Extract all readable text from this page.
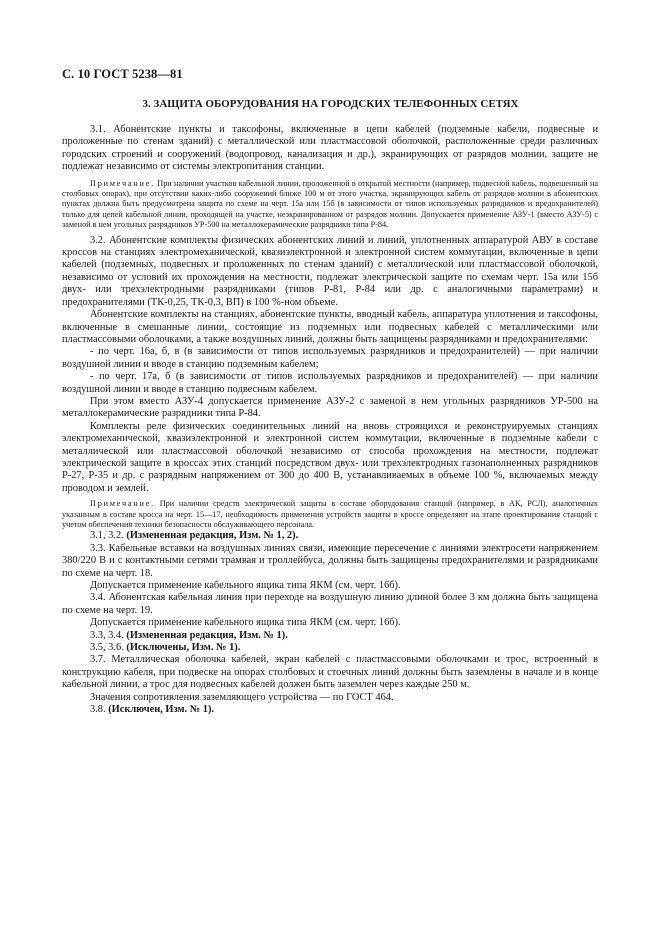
С. 10 ГОСТ 5238—81
3. ЗАЩИТА ОБОРУДОВАНИЯ НА ГОРОДСКИХ ТЕЛЕФОННЫХ СЕТЯХ

3.1. Абонентские пункты и таксофоны, включенные в цепи кабелей (подземные кабели, подвесные и проложенные по стенам зданий) с металлической или пластмассовой оболочкой, расположенные среди различных городских строений и сооружений (водопровод, канализация и др.), экранирующих от разрядов молнии, защите не подлежат независимо от системы электропитания станции.

Примечание. При наличии участков кабельной линии, проложенной в открытой местности (например, подвесной кабель, подвешенный на столбовых опорах), при отсутствии каких-либо сооружений ближе 100 м от этого участка, экранирующих кабель от разрядов молнии в абонентских пунктах должна быть предусмотрена защита по схеме на черт. 15а или 15б (в зависимости от типов используемых разрядников и предохранителей) только для цепей кабельной линии, проходящей на участке, неэкранированном от разрядов молнии. Допускается применение АЗУ-1 (вместо АЗУ-5) с заменой в нем угольных разрядников УР-500 на металлокерамические разрядники типа Р-84.

3.2. Абонентские комплекты физических абонентских линий и линий, уплотненных аппаратурой АВУ в составе кроссов на станциях электромеханической, квазиэлектронной и электронной систем коммутации, включенные в цепи кабелей (подземных, подвесных и проложенных по стенам зданий) с металлической или пластмассовой оболочкой, независимо от условий их прохождения на местности, подлежат электрической защите по схемам черт. 15а или 15б двух- или трехэлектродными разрядниками (типов Р-81, Р-84 или др. с аналогичными параметрами) и предохранителями (ТК-0,25, ТК-0,3, ВП) в 100 %-ном объеме.

Абонентские комплекты на станциях, абонентские пункты, вводный кабель, аппаратура уплотнения и таксофоны, включенные в смешанные линии, состоящие из подземных или подвесных кабелей с металлическими или пластмассовыми оболочками, а также воздушных линий, должны быть защищены разрядниками и предохранителями:

- по черт. 16а, б, в (в зависимости от типов используемых разрядников и предохранителей) — при наличии воздушной линии и вводе в станцию подземным кабелем;

- по черт. 17а, б (в зависимости от типов используемых разрядников и предохранителей) — при наличии воздушной линии и вводе в станцию подвесным кабелем.

При этом вместо АЗУ-4 допускается применение АЗУ-2 с заменой в нем угольных разрядников УР-500 на металлокерамические разрядники типа Р-84.

Комплекты реле физических соединительных линий на вновь строящихся и реконструируемых станциях электромеханической, квазиэлектронной и электронной систем коммутации, включенные в подземные кабели с металлической или пластмассовой оболочкой независимо от способа прохождения на местности, подлежат электрической защите в кроссах этих станций посредством двух- или трехэлектродных газонаполненных разрядников Р-27, Р-35 и др. с разрядным напряжением от 300 до 400 В, устанавливаемых в объеме 100 %, включаемых между проводом и землей.

Примечание. При наличии средств электрической защиты в составе оборудования станций (например, в АК, РСЛ), аналогичных указанным в составе кросса на черт. 15—17, необходимость применения устройств защиты в кроссе определяют на этапе проектирования станций с учетом обеспечения техники безопасности обслуживающего персонала.

3.1, 3.2. (Измененная редакция, Изм. № 1, 2).

3.3. Кабельные вставки на воздушных линиях связи, имеющие пересечение с линиями электросети напряжением 380/220 В и с контактными сетями трамвая и троллейбуса, должны быть защищены предохранителями и разрядниками по схеме на черт. 18.

Допускается применение кабельного ящика типа ЯКМ (см. черт. 16б).

3.4. Абонентская кабельная линия при переходе на воздушную линию длиной более 3 км должна быть защищена по схеме на черт. 19.

Допускается применение кабельного ящика типа ЯКМ (см. черт. 16б).

3.3, 3.4. (Измененная редакция, Изм. № 1).

3.5, 3.6. (Исключены, Изм. № 1).

3.7. Металлическая оболочка кабелей, экран кабелей с пластмассовыми оболочками и трос, встроенный в конструкцию кабеля, при подвеске на опорах столбовых и стоечных линий должны быть заземлены в начале и в конце кабельной линии, а трос для подвесных кабелей должен быть заземлен через каждые 250 м.

Значения сопротивления заземляющего устройства — по ГОСТ 464.

3.8. (Исключен, Изм. № 1).
